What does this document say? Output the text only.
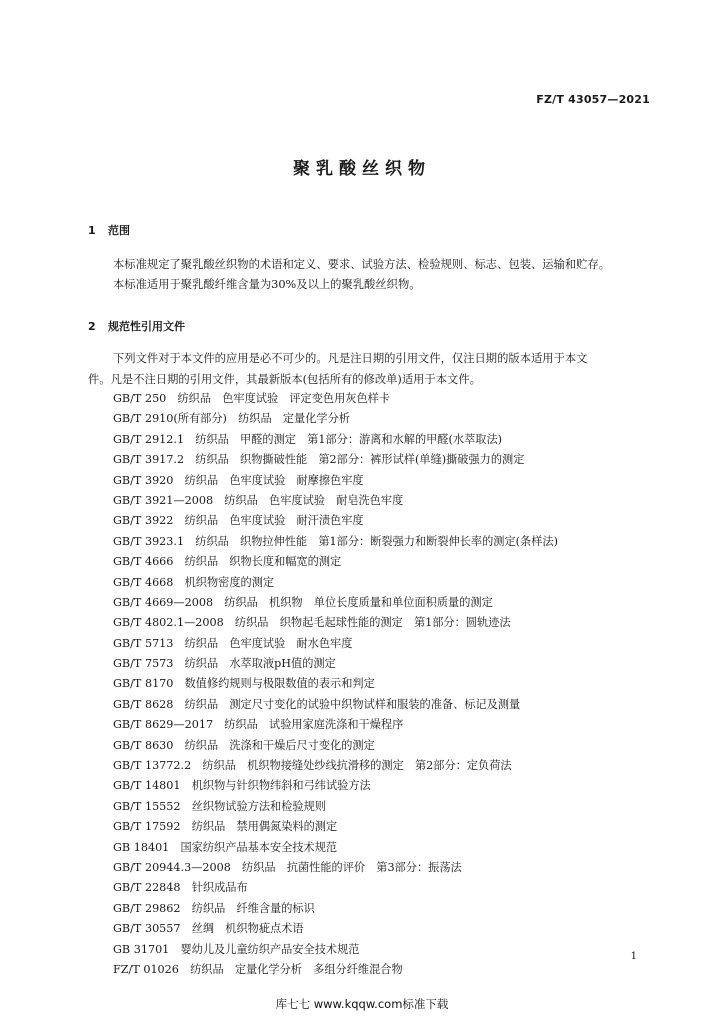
FZ/T 43057—2021
聚乳酸丝织物
1 范围
本标准规定了聚乳酸丝织物的术语和定义、要求、试验方法、检验规则、标志、包装、运输和贮存。
本标准适用于聚乳酸纤维含量为30%及以上的聚乳酸丝织物。
2 规范性引用文件
下列文件对于本文件的应用是必不可少的。凡是注日期的引用文件，仅注日期的版本适用于本文
件。凡是不注日期的引用文件，其最新版本(包括所有的修改单)适用于本文件。
GB/T 250　纺织品　色牢度试验　评定变色用灰色样卡
GB/T 2910(所有部分)　纺织品　定量化学分析
GB/T 2912.1　纺织品　甲醛的测定　第1部分：游离和水解的甲醛(水萃取法)
GB/T 3917.2　纺织品　织物撕破性能　第2部分：裤形试样(单缝)撕破强力的测定
GB/T 3920　纺织品　色牢度试验　耐摩擦色牢度
GB/T 3921—2008　纺织品　色牢度试验　耐皂洗色牢度
GB/T 3922　纺织品　色牢度试验　耐汗渍色牢度
GB/T 3923.1　纺织品　织物拉伸性能　第1部分：断裂强力和断裂伸长率的测定(条样法)
GB/T 4666　纺织品　织物长度和幅宽的测定
GB/T 4668　机织物密度的测定
GB/T 4669—2008　纺织品　机织物　单位长度质量和单位面积质量的测定
GB/T 4802.1—2008　纺织品　织物起毛起球性能的测定　第1部分：圆轨迹法
GB/T 5713　纺织品　色牢度试验　耐水色牢度
GB/T 7573　纺织品　水萃取液pH值的测定
GB/T 8170　数值修约规则与极限数值的表示和判定
GB/T 8628　纺织品　测定尺寸变化的试验中织物试样和服装的准备、标记及测量
GB/T 8629—2017　纺织品　试验用家庭洗涤和干燥程序
GB/T 8630　纺织品　洗涤和干燥后尺寸变化的测定
GB/T 13772.2　纺织品　机织物接缝处纱线抗滑移的测定　第2部分：定负荷法
GB/T 14801　机织物与针织物纬斜和弓纬试验方法
GB/T 15552　丝织物试验方法和检验规则
GB/T 17592　纺织品　禁用偶氮染料的测定
GB 18401　国家纺织产品基本安全技术规范
GB/T 20944.3—2008　纺织品　抗菌性能的评价　第3部分：振荡法
GB/T 22848　针织成品布
GB/T 29862　纺织品　纤维含量的标识
GB/T 30557　丝绸　机织物疵点术语
GB 31701　婴幼儿及儿童纺织产品安全技术规范
FZ/T 01026　纺织品　定量化学分析　多组分纤维混合物
1
库七七 www.kqqw.com标准下载
